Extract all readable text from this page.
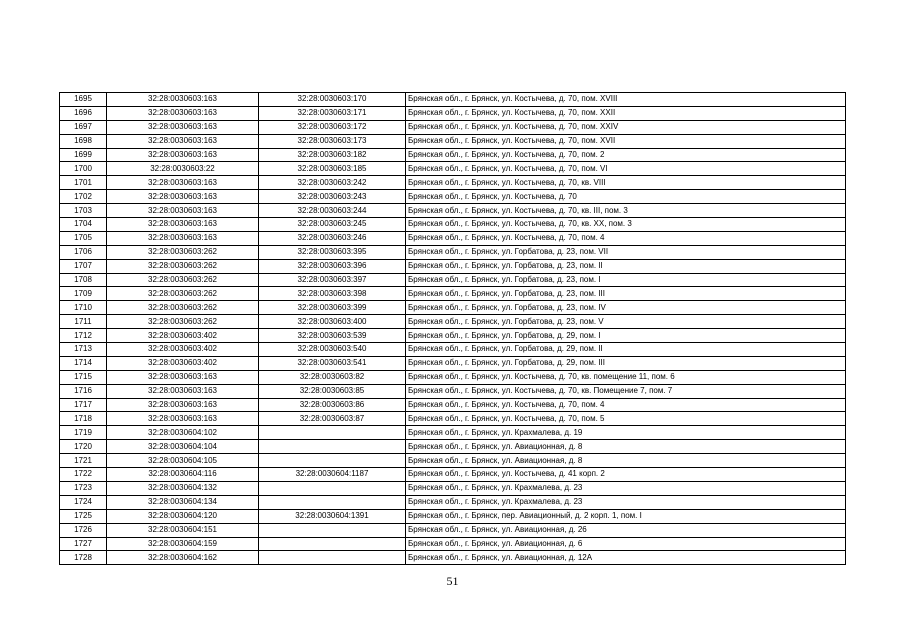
1695	32:28:0030603:163	32:28:0030603:170	Брянская обл., г. Брянск, ул. Костычева, д. 70, пом. XVIII
1696	32:28:0030603:163	32:28:0030603:171	Брянская обл., г. Брянск, ул. Костычева, д. 70, пом. XXII
1697	32:28:0030603:163	32:28:0030603:172	Брянская обл., г. Брянск, ул. Костычева, д. 70, пом. XXIV
1698	32:28:0030603:163	32:28:0030603:173	Брянская обл., г. Брянск, ул. Костычева, д. 70, пом. XVII
1699	32:28:0030603:163	32:28:0030603:182	Брянская обл., г. Брянск, ул. Костычева, д. 70, пом. 2
1700	32:28:0030603:22	32:28:0030603:185	Брянская обл., г. Брянск, ул. Костычева, д. 70, пом. VI
1701	32:28:0030603:163	32:28:0030603:242	Брянская обл., г. Брянск, ул. Костычева, д. 70, кв. VIII
1702	32:28:0030603:163	32:28:0030603:243	Брянская обл., г. Брянск, ул. Костычева, д. 70
1703	32:28:0030603:163	32:28:0030603:244	Брянская обл., г. Брянск, ул. Костычева, д. 70, кв. III, пом. 3
1704	32:28:0030603:163	32:28:0030603:245	Брянская обл., г. Брянск, ул. Костычева, д. 70, кв. XX, пом. 3
1705	32:28:0030603:163	32:28:0030603:246	Брянская обл., г. Брянск, ул. Костычева, д. 70, пом. 4
1706	32:28:0030603:262	32:28:0030603:395	Брянская обл., г. Брянск, ул. Горбатова, д. 23, пом. VII
1707	32:28:0030603:262	32:28:0030603:396	Брянская обл., г. Брянск, ул. Горбатова, д. 23, пом. II
1708	32:28:0030603:262	32:28:0030603:397	Брянская обл., г. Брянск, ул. Горбатова, д. 23, пом. I
1709	32:28:0030603:262	32:28:0030603:398	Брянская обл., г. Брянск, ул. Горбатова, д. 23, пом. III
1710	32:28:0030603:262	32:28:0030603:399	Брянская обл., г. Брянск, ул. Горбатова, д. 23, пом. IV
1711	32:28:0030603:262	32:28:0030603:400	Брянская обл., г. Брянск, ул. Горбатова, д. 23, пом. V
1712	32:28:0030603:402	32:28:0030603:539	Брянская обл., г. Брянск, ул. Горбатова, д. 29, пом. I
1713	32:28:0030603:402	32:28:0030603:540	Брянская обл., г. Брянск, ул. Горбатова, д. 29, пом. II
1714	32:28:0030603:402	32:28:0030603:541	Брянская обл., г. Брянск, ул. Горбатова, д. 29, пом. III
1715	32:28:0030603:163	32:28:0030603:82	Брянская обл., г. Брянск, ул. Костычева, д. 70, кв. помещение 11, пом. 6
1716	32:28:0030603:163	32:28:0030603:85	Брянская обл., г. Брянск, ул. Костычева, д. 70, кв. Помещение 7, пом. 7
1717	32:28:0030603:163	32:28:0030603:86	Брянская обл., г. Брянск, ул. Костычева, д. 70, пом. 4
1718	32:28:0030603:163	32:28:0030603:87	Брянская обл., г. Брянск, ул. Костычева, д. 70, пом. 5
1719	32:28:0030604:102		Брянская обл., г. Брянск, ул. Крахмалева, д. 19
1720	32:28:0030604:104		Брянская обл., г. Брянск, ул. Авиационная, д. 8
1721	32:28:0030604:105		Брянская обл., г. Брянск, ул. Авиационная, д. 8
1722	32:28:0030604:116	32:28:0030604:1187	Брянская обл., г. Брянск, ул. Костычева, д. 41 корп. 2
1723	32:28:0030604:132		Брянская обл., г. Брянск, ул. Крахмалева, д. 23
1724	32:28:0030604:134		Брянская обл., г. Брянск, ул. Крахмалева, д. 23
1725	32:28:0030604:120	32:28:0030604:1391	Брянская обл., г. Брянск, пер. Авиационный, д. 2 корп. 1, пом. I
1726	32:28:0030604:151		Брянская обл., г. Брянск, ул. Авиационная, д. 26
1727	32:28:0030604:159		Брянская обл., г. Брянск, ул. Авиационная, д. 6
1728	32:28:0030604:162		Брянская обл., г. Брянск, ул. Авиационная, д. 12А
51
